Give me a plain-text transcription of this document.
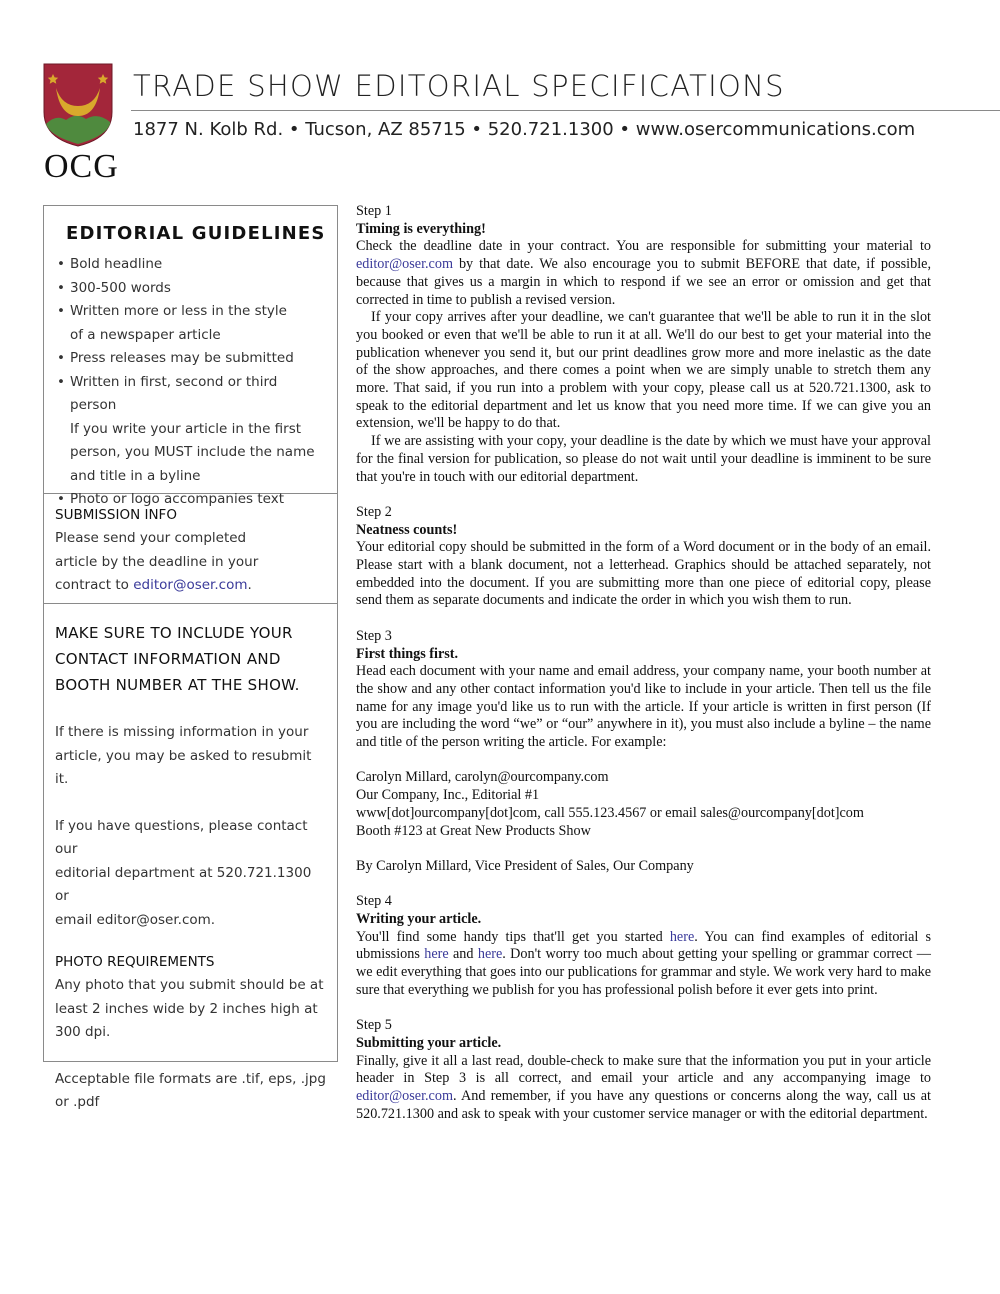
OCG
TRADE SHOW EDITORIAL SPECIFICATIONS
1877 N. Kolb Rd. • Tucson, AZ 85715 • 520.721.1300 • www.osercommunications.com
EDITORIAL GUIDELINES
• Bold headline
• 300-500 words
• Written more or less in the style
of a newspaper article
• Press releases may be submitted
• Written in first, second or third person
If you write your article in the first
person, you MUST include the name
and title in a byline
• Photo or logo accompanies text
SUBMISSION INFO
Please send your completed
article by the deadline in your
contract to editor@oser.com.
MAKE SURE TO INCLUDE YOUR
CONTACT INFORMATION AND
BOOTH NUMBER AT THE SHOW.
If there is missing information in your
article, you may be asked to resubmit it.
If you have questions, please contact our
editorial department at 520.721.1300 or
email editor@oser.com.
PHOTO REQUIREMENTS
Any photo that you submit should be at
least 2 inches wide by 2 inches high at
300 dpi.
Acceptable file formats are .tif, eps, .jpg
or .pdf
Step 1
Timing is everything!

Check the deadline date in your contract. You are responsible for submitting your material to editor@oser.com by that date. We also encourage you to submit BEFORE that date, if possible, because that gives us a margin in which to respond if we see an error or omission and get that corrected in time to publish a revised version.

If your copy arrives after your deadline, we can't guarantee that we'll be able to run it in the slot you booked or even that we'll be able to run it at all. We'll do our best to get your material into the publication whenever you send it, but our print deadlines grow more and more inelastic as the date of the show approaches, and there comes a point when we are simply unable to stretch them any more. That said, if you run into a problem with your copy, please call us at 520.721.1300, ask to speak to the editorial department and let us know that you need more time. If we can give you an extension, we'll be happy to do that.

If we are assisting with your copy, your deadline is the date by which we must have your approval for the final version for publication, so please do not wait until your deadline is imminent to be sure that you're in touch with our editorial department.

Step 2
Neatness counts!

Your editorial copy should be submitted in the form of a Word document or in the body of an email. Please start with a blank document, not a letterhead. Graphics should be attached separately, not embedded into the document. If you are submitting more than one piece of editorial copy, please send them as separate documents and indicate the order in which you wish them to run.

Step 3
First things first.

Head each document with your name and email address, your company name, your booth number at the show and any other contact information you'd like to include in your article. Then tell us the file name for any image you'd like us to run with the article. If your article is written in first person (If you are including the word “we” or “our” anywhere in it), you must also include a byline – the name and title of the person writing the article. For example:

Carolyn Millard, carolyn@ourcompany.com

Our Company, Inc., Editorial #1

www[dot]ourcompany[dot]com, call 555.123.4567 or email sales@ourcompany[dot]com

Booth #123 at Great New Products Show

By Carolyn Millard, Vice President of Sales, Our Company

Step 4
Writing your article.

You'll find some handy tips that'll get you started here. You can find examples of editorial s ubmissions here and here. Don't worry too much about getting your spelling or grammar correct — we edit everything that goes into our publications for grammar and style. We work very hard to make sure that everything we publish for you has professional polish before it ever gets into print.

Step 5
Submitting your article.

Finally, give it all a last read, double-check to make sure that the information you put in your article header in Step 3 is all correct, and email your article and any accompanying image to editor@oser.com. And remember, if you have any questions or concerns along the way, call us at 520.721.1300 and ask to speak with your customer service manager or with the editorial department.
